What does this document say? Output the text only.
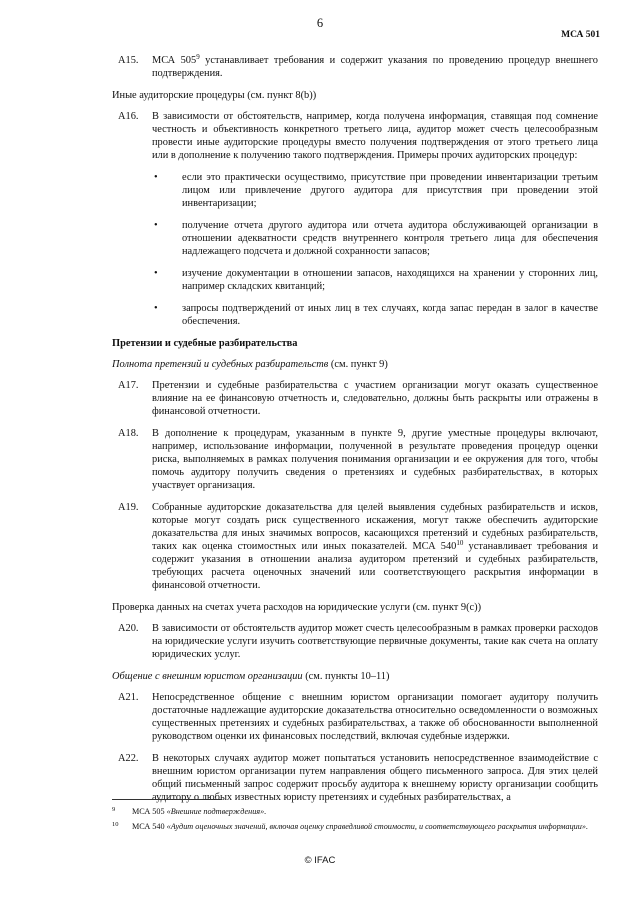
6
МСА 501
A15. МСА $505^9$ устанавливает требования и содержит указания по проведению процедур внешнего подтверждения.
Иные аудиторские процедуры (см. пункт 8(b))
A16. В зависимости от обстоятельств, например, когда получена информация, ставящая под сомнение честность и объективность конкретного третьего лица, аудитор может счесть целесообразным провести иные аудиторские процедуры вместо получения подтверждения от этого третьего лица или в дополнение к получению такого подтверждения. Примеры прочих аудиторских процедур:
• если это практически осуществимо, присутствие при проведении инвентаризации третьим лицом или привлечение другого аудитора для присутствия при проведении этой инвентаризации;
• получение отчета другого аудитора или отчета аудитора обслуживающей организации в отношении адекватности средств внутреннего контроля третьего лица для обеспечения надлежащего подсчета и должной сохранности запасов;
• изучение документации в отношении запасов, находящихся на хранении у сторонних лиц, например складских квитанций;
• запросы подтверждений от иных лиц в тех случаях, когда запас передан в залог в качестве обеспечения.
Претензии и судебные разбирательства
Полнота претензий и судебных разбирательств (см. пункт 9)
A17. Претензии и судебные разбирательства с участием организации могут оказать существенное влияние на ее финансовую отчетность и, следовательно, должны быть раскрыты или отражены в финансовой отчетности.
A18. В дополнение к процедурам, указанным в пункте 9, другие уместные процедуры включают, например, использование информации, полученной в результате проведения процедур оценки риска, выполняемых в рамках получения понимания организации и ее окружения для того, чтобы помочь аудитору получить сведения о претензиях и судебных разбирательствах, в которых участвует организация.
A19. Собранные аудиторские доказательства для целей выявления судебных разбирательств и исков, которые могут создать риск существенного искажения, могут также обеспечить аудиторские доказательства для иных значимых вопросов, касающихся претензий и судебных разбирательств, таких как оценка стоимостных или иных показателей. МСА $540^{10}$ устанавливает требования и содержит указания в отношении анализа аудитором претензий и судебных разбирательств, требующих расчета оценочных значений или соответствующего раскрытия информации в финансовой отчетности.
Проверка данных на счетах учета расходов на юридические услуги (см. пункт 9(с))
A20. В зависимости от обстоятельств аудитор может счесть целесообразным в рамках проверки расходов на юридические услуги изучить соответствующие первичные документы, такие как счета на оплату юридических услуг.
Общение с внешним юристом организации (см. пункты 10–11)
A21. Непосредственное общение с внешним юристом организации помогает аудитору получить достаточные надлежащие аудиторские доказательства относительно осведомленности о возможных существенных претензиях и судебных разбирательствах, а также об обоснованности выполненной руководством оценки их финансовых последствий, включая судебные издержки.
A22. В некоторых случаях аудитор может попытаться установить непосредственное взаимодействие с внешним юристом организации путем направления общего письменного запроса. Для этих целей общий письменный запрос содержит просьбу аудитора к внешнему юристу организации сообщить аудитору о любых известных юристу претензиях и судебных разбирательствах, а
9 МСА 505 «Внешние подтверждения».
10 МСА 540 «Аудит оценочных значений, включая оценку справедливой стоимости, и соответствующего раскрытия информации».
© IFAC
